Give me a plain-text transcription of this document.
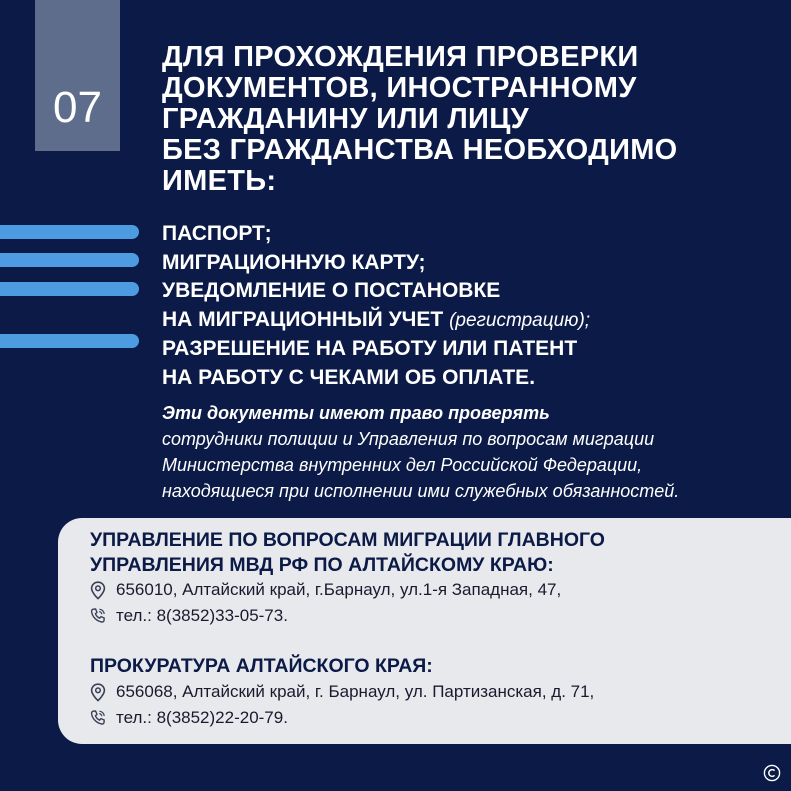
07
ДЛЯ ПРОХОЖДЕНИЯ ПРОВЕРКИ
ДОКУМЕНТОВ, ИНОСТРАННОМУ
ГРАЖДАНИНУ ИЛИ ЛИЦУ
БЕЗ ГРАЖДАНСТВА НЕОБХОДИМО
ИМЕТЬ:
ПАСПОРТ;
МИГРАЦИОННУЮ КАРТУ;
УВЕДОМЛЕНИЕ О ПОСТАНОВКЕ
НА МИГРАЦИОННЫЙ УЧЕТ (регистрацию);
РАЗРЕШЕНИЕ НА РАБОТУ ИЛИ ПАТЕНТ
НА РАБОТУ С ЧЕКАМИ ОБ ОПЛАТЕ.
Эти документы имеют право проверять
сотрудники полиции и Управления по вопросам миграции
Министерства внутренних дел Российской Федерации,
находящиеся при исполнении ими служебных обязанностей.
УПРАВЛЕНИЕ ПО ВОПРОСАМ МИГРАЦИИ ГЛАВНОГО
УПРАВЛЕНИЯ МВД РФ ПО АЛТАЙСКОМУ КРАЮ:
656010, Алтайский край, г.Барнаул, ул.1-я Западная, 47,
тел.: 8(3852)33-05-73.
ПРОКУРАТУРА АЛТАЙСКОГО КРАЯ:
656068, Алтайский край, г. Барнаул, ул. Партизанская, д. 71,
тел.: 8(3852)22-20-79.
